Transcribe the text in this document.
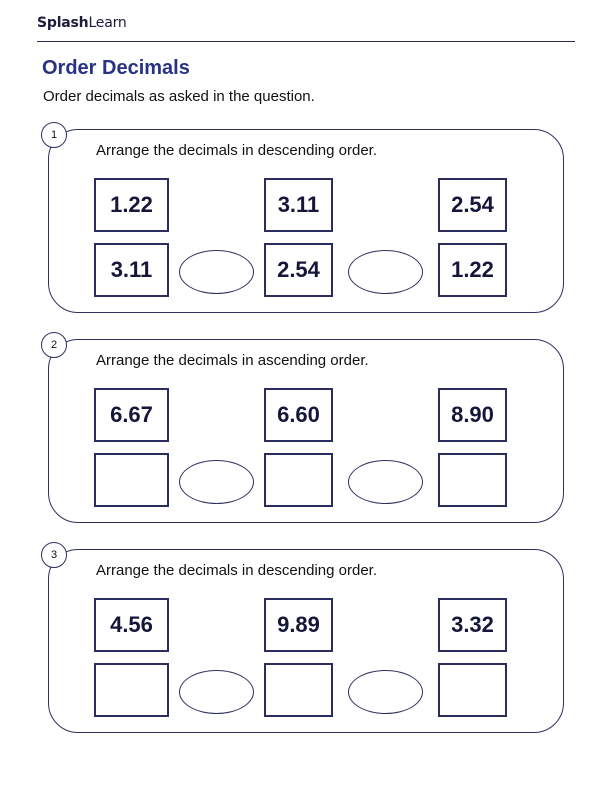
SplashLearn
Order Decimals
Order decimals as asked in the question.
1
Arrange the decimals in descending order.
1.22	3.11	2.54
3.11	2.54	1.22
2
Arrange the decimals in ascending order.
6.67	6.60	8.90
3
Arrange the decimals in descending order.
4.56	9.89	3.32
